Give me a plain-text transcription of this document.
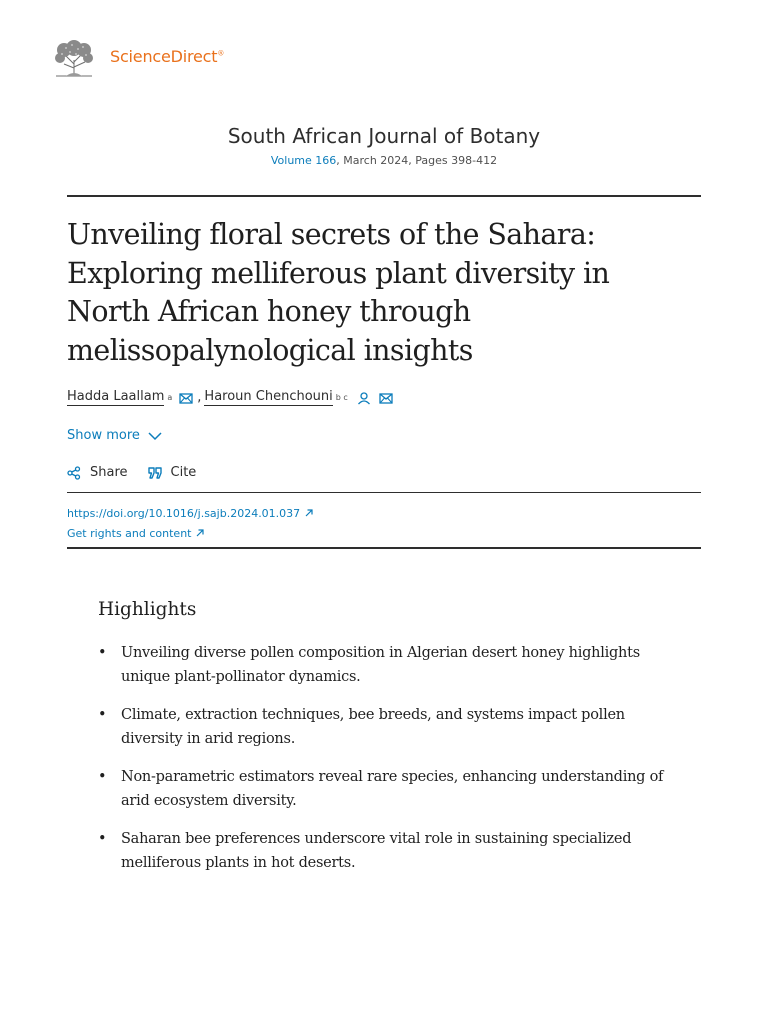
ScienceDirect®
South African Journal of Botany
Volume 166, March 2024, Pages 398-412
Unveiling floral secrets of the Sahara: Exploring melliferous plant diversity in North African honey through melissopalynological insights
Hadda Laallam a , Haroun Chenchouni b c
Show more
Share	Cite
https://doi.org/10.1016/j.sajb.2024.01.037
Get rights and content
Highlights
• Unveiling diverse pollen composition in Algerian desert honey highlights unique plant-pollinator dynamics.
• Climate, extraction techniques, bee breeds, and systems impact pollen diversity in arid regions.
• Non-parametric estimators reveal rare species, enhancing understanding of arid ecosystem diversity.
• Saharan bee preferences underscore vital role in sustaining specialized melliferous plants in hot deserts.
